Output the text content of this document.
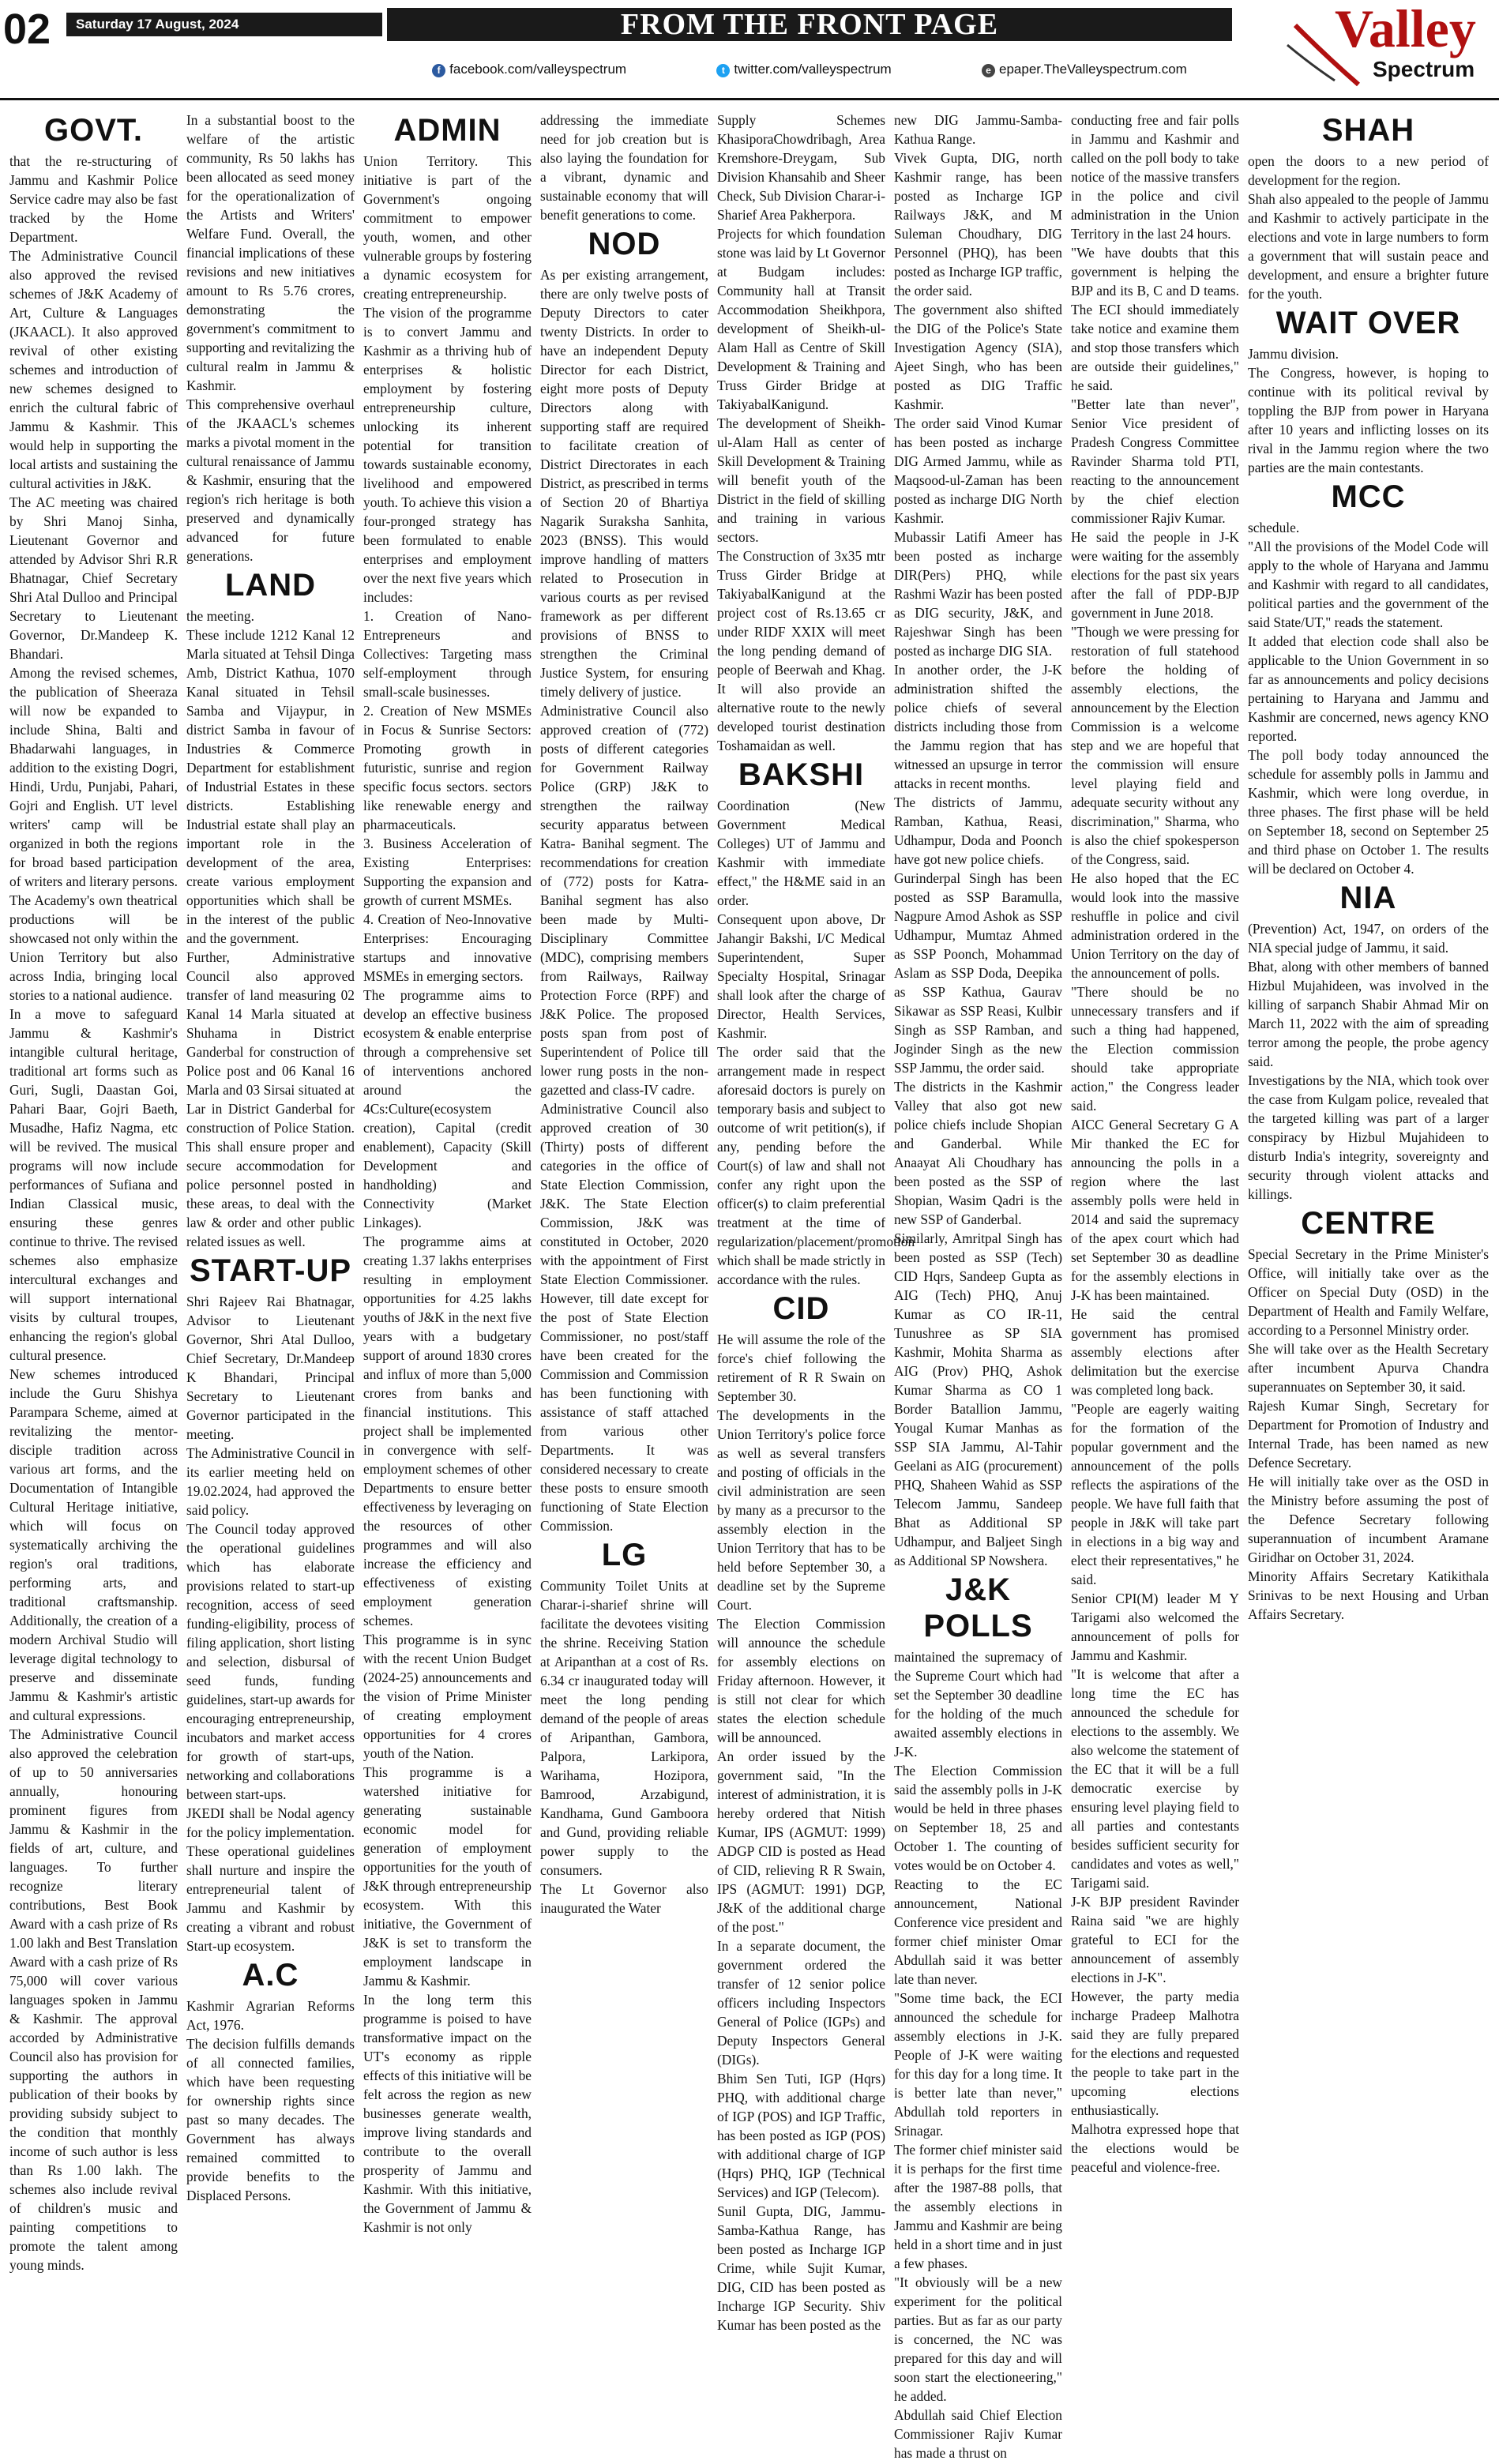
02	Saturday 17 August, 2024	FROM THE FRONT PAGE
f facebook.com/valleyspectrum	t twitter.com/valleyspectrum	e epaper.TheValleyspectrum.com
Valley
Spectrum
GOVT.

that the re-structuring of Jammu and Kashmir Police Service cadre may also be fast tracked by the Home Department.

The Administrative Council also approved the revised schemes of J&K Academy of Art, Culture & Languages (JKAACL). It also approved revival of other existing schemes and introduction of new schemes designed to enrich the cultural fabric of Jammu & Kashmir. This would help in supporting the local artists and sustaining the cultural activities in J&K.

The AC meeting was chaired by Shri Manoj Sinha, Lieutenant Governor and attended by Advisor Shri R.R Bhatnagar, Chief Secretary Shri Atal Dulloo and Principal Secretary to Lieutenant Governor, Dr.Mandeep K. Bhandari.

Among the revised schemes, the publication of Sheeraza will now be expanded to include Shina, Balti and Bhadarwahi languages, in addition to the existing Dogri, Hindi, Urdu, Punjabi, Pahari, Gojri and English. UT level writers' camp will be organized in both the regions for broad based participation of writers and literary persons. The Academy's own theatrical productions will be showcased not only within the Union Territory but also across India, bringing local stories to a national audience.

In a move to safeguard Jammu & Kashmir's intangible cultural heritage, traditional art forms such as Guri, Sugli, Daastan Goi, Pahari Baar, Gojri Baeth, Musadhe, Hafiz Nagma, etc will be revived. The musical programs will now include performances of Sufiana and Indian Classical music, ensuring these genres continue to thrive. The revised schemes also emphasize intercultural exchanges and will support international visits by cultural troupes, enhancing the region's global cultural presence.

New schemes introduced include the Guru Shishya Parampara Scheme, aimed at revitalizing the mentor-disciple tradition across various art forms, and the Documentation of Intangible Cultural Heritage initiative, which will focus on systematically archiving the region's oral traditions, performing arts, and traditional craftsmanship. Additionally, the creation of a modern Archival Studio will leverage digital technology to preserve and disseminate Jammu & Kashmir's artistic and cultural expressions.

The Administrative Council also approved the celebration of up to 50 anniversaries annually, honouring prominent figures from Jammu & Kashmir in the fields of art, culture, and languages. To further recognize literary contributions, Best Book Award with a cash prize of Rs 1.00 lakh and Best Translation Award with a cash prize of Rs 75,000 will cover various languages spoken in Jammu & Kashmir. The approval accorded by Administrative Council also has provision for supporting the authors in publication of their books by providing subsidy subject to the condition that monthly income of such author is less than Rs 1.00 lakh. The schemes also include revival of children's music and painting competitions to promote the talent among young minds.

In a substantial boost to the welfare of the artistic community, Rs 50 lakhs has been allocated as seed money for the operationalization of the Artists and Writers' Welfare Fund. Overall, the financial implications of these revisions and new initiatives amount to Rs 5.76 crores, demonstrating the government's commitment to supporting and revitalizing the cultural realm in Jammu & Kashmir.

This comprehensive overhaul of the JKAACL's schemes marks a pivotal moment in the cultural renaissance of Jammu & Kashmir, ensuring that the region's rich heritage is both preserved and dynamically advanced for future generations.

LAND

the meeting.

These include 1212 Kanal 12 Marla situated at Tehsil Dinga Amb, District Kathua, 1070 Kanal situated in Tehsil Samba and Vijaypur, in district Samba in favour of Industries & Commerce Department for establishment of Industrial Estates in these districts. Establishing Industrial estate shall play an important role in the development of the area, create various employment opportunities which shall be in the interest of the public and the government.

Further, Administrative Council also approved transfer of land measuring 02 Kanal 14 Marla situated at Shuhama in District Ganderbal for construction of Police post and 06 Kanal 16 Marla and 03 Sirsai situated at Lar in District Ganderbal for construction of Police Station. This shall ensure proper and secure accommodation for police personnel posted in these areas, to deal with the law & order and other public related issues as well.

START-UP

Shri Rajeev Rai Bhatnagar, Advisor to Lieutenant Governor, Shri Atal Dulloo, Chief Secretary, Dr.Mandeep K Bhandari, Principal Secretary to Lieutenant Governor participated in the meeting.

The Administrative Council in its earlier meeting held on 19.02.2024, had approved the said policy.

The Council today approved the operational guidelines which has elaborate provisions related to start-up recognition, access of seed funding-eligibility, process of filing application, short listing and selection, disbursal of seed funds, funding guidelines, start-up awards for encouraging entrepreneurship, incubators and market access for growth of start-ups, networking and collaborations between start-ups.

JKEDI shall be Nodal agency for the policy implementation. These operational guidelines shall nurture and inspire the entrepreneurial talent of Jammu and Kashmir by creating a vibrant and robust Start-up ecosystem.

A.C

Kashmir Agrarian Reforms Act, 1976.

The decision fulfills demands of all connected families, which have been requesting for ownership rights since past so many decades. The Government has always remained committed to provide benefits to the Displaced Persons.

ADMIN

Union Territory. This initiative is part of the Government's ongoing commitment to empower youth, women, and other vulnerable groups by fostering a dynamic ecosystem for creating entrepreneurship.

The vision of the programme is to convert Jammu and Kashmir as a thriving hub of enterprises & holistic employment by fostering entrepreneurship culture, unlocking its inherent potential for transition towards sustainable economy, livelihood and empowered youth. To achieve this vision a four-pronged strategy has been formulated to enable enterprises and employment over the next five years which includes:

1. Creation of Nano-Entrepreneurs and Collectives: Targeting mass self-employment through small-scale businesses.

2. Creation of New MSMEs in Focus & Sunrise Sectors: Promoting growth in futuristic, sunrise and region specific focus sectors. sectors like renewable energy and pharmaceuticals.

3. Business Acceleration of Existing Enterprises: Supporting the expansion and growth of current MSMEs.

4. Creation of Neo-Innovative Enterprises: Encouraging startups and innovative MSMEs in emerging sectors.

The programme aims to develop an effective business ecosystem & enable enterprise through a comprehensive set of interventions anchored around the 4Cs:Culture(ecosystem creation), Capital (credit enablement), Capacity (Skill Development and handholding) and Connectivity (Market Linkages).

The programme aims at creating 1.37 lakhs enterprises resulting in employment opportunities for 4.25 lakhs youths of J&K in the next five years with a budgetary support of around 1830 crores and influx of more than 5,000 crores from banks and financial institutions. This project shall be implemented in convergence with self-employment schemes of other Departments to ensure better effectiveness by leveraging on the resources of other programmes and will also increase the efficiency and effectiveness of existing employment generation schemes.

This programme is in sync with the recent Union Budget (2024-25) announcements and the vision of Prime Minister of creating employment opportunities for 4 crores youth of the Nation.

This programme is a watershed initiative for generating sustainable economic model for generation of employment opportunities for the youth of J&K through entrepreneurship ecosystem. With this initiative, the Government of J&K is set to transform the employment landscape in Jammu & Kashmir.

In the long term this programme is poised to have transformative impact on the UT's economy as ripple effects of this initiative will be felt across the region as new businesses generate wealth, improve living standards and contribute to the overall prosperity of Jammu and Kashmir. With this initiative, the Government of Jammu & Kashmir is not only

addressing the immediate need for job creation but is also laying the foundation for a vibrant, dynamic and sustainable economy that will benefit generations to come.

NOD

As per existing arrangement, there are only twelve posts of Deputy Directors to cater twenty Districts. In order to have an independent Deputy Director for each District, eight more posts of Deputy Directors along with supporting staff are required to facilitate creation of District Directorates in each District, as prescribed in terms of Section 20 of Bhartiya Nagarik Suraksha Sanhita, 2023 (BNSS). This would improve handling of matters related to Prosecution in various courts as per revised framework as per different provisions of BNSS to strengthen the Criminal Justice System, for ensuring timely delivery of justice.

Administrative Council also approved creation of (772) posts of different categories for Government Railway Police (GRP) J&K to strengthen the railway security apparatus between Katra- Banihal segment. The recommendations for creation of (772) posts for Katra-Banihal segment has also been made by Multi-Disciplinary Committee (MDC), comprising members from Railways, Railway Protection Force (RPF) and J&K Police. The proposed posts span from post of Superintendent of Police till lower rung posts in the non-gazetted and class-IV cadre.

Administrative Council also approved creation of 30 (Thirty) posts of different categories in the office of State Election Commission, J&K. The State Election Commission, J&K was constituted in October, 2020 with the appointment of First State Election Commissioner. However, till date except for the post of State Election Commissioner, no post/staff have been created for the Commission and Commission has been functioning with assistance of staff attached from various other Departments. It was considered necessary to create these posts to ensure smooth functioning of State Election Commission.

LG

Community Toilet Units at Charar-i-sharief shrine will facilitate the devotees visiting the shrine. Receiving Station at Aripanthan at a cost of Rs. 6.34 cr inaugurated today will meet the long pending demand of the people of areas of Aripanthan, Gambora, Palpora, Larkipora, Warihama, Hozipora, Bamrood, Arzabigund, Kandhama, Gund Gamboora and Gund, providing reliable power supply to the consumers.

The Lt Governor also inaugurated the Water

Supply Schemes KhasiporaChowdribagh, Area Kremshore-Dreygam, Sub Division Khansahib and Sheer Check, Sub Division Charar-i-Sharief Area Pakherpora.

Projects for which foundation stone was laid by Lt Governor at Budgam includes: Community hall at Transit Accommodation Sheikhpora, development of Sheikh-ul-Alam Hall as Centre of Skill Development & Training and Truss Girder Bridge at TakiyabalKanigund.

The development of Sheikh-ul-Alam Hall as center of Skill Development & Training will benefit youth of the District in the field of skilling and training in various sectors.

The Construction of 3x35 mtr Truss Girder Bridge at TakiyabalKanigund at the project cost of Rs.13.65 cr under RIDF XXIX will meet the long pending demand of people of Beerwah and Khag. It will also provide an alternative route to the newly developed tourist destination Toshamaidan as well.

BAKSHI

Coordination (New Government Medical Colleges) UT of Jammu and Kashmir with immediate effect," the H&ME said in an order.

Consequent upon above, Dr Jahangir Bakshi, I/C Medical Superintendent, Super Specialty Hospital, Srinagar shall look after the charge of Director, Health Services, Kashmir.

The order said that the arrangement made in respect aforesaid doctors is purely on temporary basis and subject to outcome of writ petition(s), if any, pending before the Court(s) of law and shall not confer any right upon the officer(s) to claim preferential treatment at the time of regularization/placement/promotion which shall be made strictly in accordance with the rules.

CID

He will assume the role of the force's chief following the retirement of R R Swain on September 30.

The developments in the Union Territory's police force as well as several transfers and posting of officials in the civil administration are seen by many as a precursor to the assembly election in the Union Territory that has to be held before September 30, a deadline set by the Supreme Court.

The Election Commission will announce the schedule for assembly elections on Friday afternoon. However, it is still not clear for which states the election schedule will be announced.

An order issued by the government said, "In the interest of administration, it is hereby ordered that Nitish Kumar, IPS (AGMUT: 1999) ADGP CID is posted as Head of CID, relieving R R Swain, IPS (AGMUT: 1991) DGP, J&K of the additional charge of the post."

In a separate document, the government ordered the transfer of 12 senior police officers including Inspectors General of Police (IGPs) and Deputy Inspectors General (DIGs).

Bhim Sen Tuti, IGP (Hqrs) PHQ, with additional charge of IGP (POS) and IGP Traffic, has been posted as IGP (POS) with additional charge of IGP (Hqrs) PHQ, IGP (Technical Services) and IGP (Telecom).

Sunil Gupta, DIG, Jammu-Samba-Kathua Range, has been posted as Incharge IGP Crime, while Sujit Kumar, DIG, CID has been posted as Incharge IGP Security. Shiv Kumar has been posted as the

new DIG Jammu-Samba-Kathua Range.

Vivek Gupta, DIG, north Kashmir range, has been posted as Incharge IGP Railways J&K, and M Suleman Choudhary, DIG Personnel (PHQ), has been posted as Incharge IGP traffic, the order said.

The government also shifted the DIG of the Police's State Investigation Agency (SIA), Ajeet Singh, who has been posted as DIG Traffic Kashmir.

The order said Vinod Kumar has been posted as incharge DIG Armed Jammu, while as Maqsood-ul-Zaman has been posted as incharge DIG North Kashmir.

Mubassir Latifi Ameer has been posted as incharge DIR(Pers) PHQ, while Rashmi Wazir has been posted as DIG security, J&K, and Rajeshwar Singh has been posted as incharge DIG SIA.

In another order, the J-K administration shifted the police chiefs of several districts including those from the Jammu region that has witnessed an upsurge in terror attacks in recent months.

The districts of Jammu, Ramban, Kathua, Reasi, Udhampur, Doda and Poonch have got new police chiefs.

Gurinderpal Singh has been posted as SSP Baramulla, Nagpure Amod Ashok as SSP Udhampur, Mumtaz Ahmed as SSP Poonch, Mohammad Aslam as SSP Doda, Deepika as SSP Kathua, Gaurav Sikawar as SSP Reasi, Kulbir Singh as SSP Ramban, and Joginder Singh as the new SSP Jammu, the order said.

The districts in the Kashmir Valley that also got new police chiefs include Shopian and Ganderbal. While Anaayat Ali Choudhary has been posted as the SSP of Shopian, Wasim Qadri is the new SSP of Ganderbal.

Similarly, Amritpal Singh has been posted as SSP (Tech) CID Hqrs, Sandeep Gupta as AIG (Tech) PHQ, Anuj Kumar as CO IR-11, Tunushree as SP SIA Kashmir, Mohita Sharma as AIG (Prov) PHQ, Ashok Kumar Sharma as CO 1 Border Batallion Jammu, Yougal Kumar Manhas as SSP SIA Jammu, Al-Tahir Geelani as AIG (procurement) PHQ, Shaheen Wahid as SSP Telecom Jammu, Sandeep Bhat as Additional SP Udhampur, and Baljeet Singh as Additional SP Nowshera.

J&K POLLS

maintained the supremacy of the Supreme Court which had set the September 30 deadline for the holding of the much awaited assembly elections in J-K.

The Election Commission said the assembly polls in J-K would be held in three phases on September 18, 25 and October 1. The counting of votes would be on October 4.

Reacting to the EC announcement, National Conference vice president and former chief minister Omar Abdullah said it was better late than never.

"Some time back, the ECI announced the schedule for assembly elections in J-K. People of J-K were waiting for this day for a long time. It is better late than never," Abdullah told reporters in Srinagar.

The former chief minister said it is perhaps for the first time after the 1987-88 polls, that the assembly elections in Jammu and Kashmir are being held in a short time and in just a few phases.

"It obviously will be a new experiment for the political parties. But as far as our party is concerned, the NC was prepared for this day and will soon start the electioneering," he added.

Abdullah said Chief Election Commissioner Rajiv Kumar has made a thrust on

conducting free and fair polls in Jammu and Kashmir and called on the poll body to take notice of the massive transfers in the police and civil administration in the Union Territory in the last 24 hours.

"We have doubts that this government is helping the BJP and its B, C and D teams. The ECI should immediately take notice and examine them and stop those transfers which are outside their guidelines," he said.

"Better late than never", Senior Vice president of Pradesh Congress Committee Ravinder Sharma told PTI, reacting to the announcement by the chief election commissioner Rajiv Kumar.

He said the people in J-K were waiting for the assembly elections for the past six years after the fall of PDP-BJP government in June 2018.

"Though we were pressing for restoration of full statehood before the holding of assembly elections, the announcement by the Election Commission is a welcome step and we are hopeful that the commission will ensure level playing field and adequate security without any discrimination," Sharma, who is also the chief spokesperson of the Congress, said.

He also hoped that the EC would look into the massive reshuffle in police and civil administration ordered in the Union Territory on the day of the announcement of polls.

"There should be no unnecessary transfers and if such a thing had happened, the Election commission should take appropriate action," the Congress leader said.

AICC General Secretary G A Mir thanked the EC for announcing the polls in a region where the last assembly polls were held in 2014 and said the supremacy of the apex court which had set September 30 as deadline for the assembly elections in J-K has been maintained.

He said the central government has promised assembly elections after delimitation but the exercise was completed long back.

"People are eagerly waiting for the formation of the popular government and the announcement of the polls reflects the aspirations of the people. We have full faith that people in J&K will take part in elections in a big way and elect their representatives," he said.

Senior CPI(M) leader M Y Tarigami also welcomed the announcement of polls for Jammu and Kashmir.

"It is welcome that after a long time the EC has announced the schedule for elections to the assembly. We also welcome the statement of the EC that it will be a full democratic exercise by ensuring level playing field to all parties and contestants besides sufficient security for candidates and votes as well," Tarigami said.

J-K BJP president Ravinder Raina said "we are highly grateful to ECI for the announcement of assembly elections in J-K".

However, the party media incharge Pradeep Malhotra said they are fully prepared for the elections and requested the people to take part in the upcoming elections enthusiastically.

Malhotra expressed hope that the elections would be peaceful and violence-free.

SHAH

open the doors to a new period of development for the region.

Shah also appealed to the people of Jammu and Kashmir to actively participate in the elections and vote in large numbers to form a government that will sustain peace and development, and ensure a brighter future for the youth.

WAIT OVER

Jammu division.

The Congress, however, is hoping to continue with its political revival by toppling the BJP from power in Haryana after 10 years and inflicting losses on its rival in the Jammu region where the two parties are the main contestants.

MCC

schedule.

"All the provisions of the Model Code will apply to the whole of Haryana and Jammu and Kashmir with regard to all candidates, political parties and the government of the said State/UT," reads the statement.

It added that election code shall also be applicable to the Union Government in so far as announcements and policy decisions pertaining to Haryana and Jammu and Kashmir are concerned, news agency KNO reported.

The poll body today announced the schedule for assembly polls in Jammu and Kashmir, which were long overdue, in three phases. The first phase will be held on September 18, second on September 25 and third phase on October 1. The results will be declared on October 4.

NIA

(Prevention) Act, 1947, on orders of the NIA special judge of Jammu, it said.

Bhat, along with other members of banned Hizbul Mujahideen, was involved in the killing of sarpanch Shabir Ahmad Mir on March 11, 2022 with the aim of spreading terror among the people, the probe agency said.

Investigations by the NIA, which took over the case from Kulgam police, revealed that the targeted killing was part of a larger conspiracy by Hizbul Mujahideen to disturb India's integrity, sovereignty and security through violent attacks and killings.

CENTRE

Special Secretary in the Prime Minister's Office, will initially take over as the Officer on Special Duty (OSD) in the Department of Health and Family Welfare, according to a Personnel Ministry order.

She will take over as the Health Secretary after incumbent Apurva Chandra superannuates on September 30, it said.

Rajesh Kumar Singh, Secretary for Department for Promotion of Industry and Internal Trade, has been named as new Defence Secretary.

He will initially take over as the OSD in the Ministry before assuming the post of the Defence Secretary following superannuation of incumbent Aramane Giridhar on October 31, 2024.

Minority Affairs Secretary Katikithala Srinivas to be next Housing and Urban Affairs Secretary.
